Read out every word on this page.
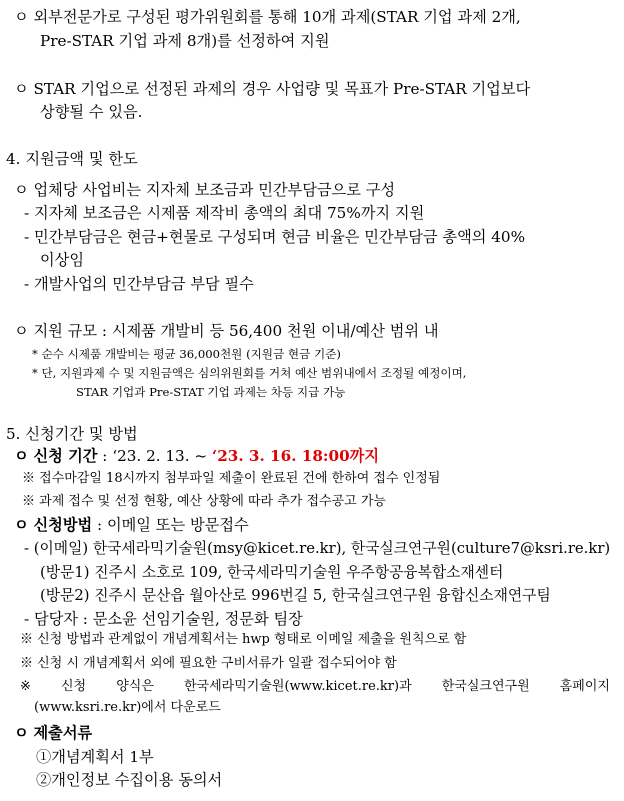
ㅇ 외부전문가로 구성된 평가위원회를 통해 10개 과제(STAR 기업 과제 2개,
Pre-STAR 기업 과제 8개)를 선정하여 지원
ㅇ STAR 기업으로 선정된 과제의 경우 사업량 및 목표가 Pre-STAR 기업보다
상향될 수 있음.
4. 지원금액 및 한도
ㅇ 업체당 사업비는 지자체 보조금과 민간부담금으로 구성
- 지자체 보조금은 시제품 제작비 총액의 최대 75%까지 지원
- 민간부담금은 현금+현물로 구성되며 현금 비율은 민간부담금 총액의 40%
이상임
- 개발사업의 민간부담금 부담 필수
ㅇ 지원 규모 : 시제품 개발비 등 56,400 천원 이내/예산 범위 내
* 순수 시제품 개발비는 평균 36,000천원 (지원금 현금 기준)
* 단, 지원과제 수 및 지원금액은 심의위원회를 거쳐 예산 범위내에서 조정될 예정이며,
STAR 기업과 Pre-STAT 기업 과제는 차등 지급 가능
5. 신청기간 및 방법
ㅇ 신청 기간 : ‘23. 2. 13. ~ ‘23. 3. 16. 18:00까지
※ 접수마감일 18시까지 첨부파일 제출이 완료된 건에 한하여 접수 인정됨
※ 과제 접수 및 선정 현황, 예산 상황에 따라 추가 접수공고 가능
ㅇ 신청방법 : 이메일 또는 방문접수
- (이메일) 한국세라믹기술원(msy@kicet.re.kr), 한국실크연구원(culture7@ksri.re.kr)
(방문1) 진주시 소호로 109, 한국세라믹기술원 우주항공융복합소재센터
(방문2) 진주시 문산읍 월아산로 996번길 5, 한국실크연구원 융합신소재연구팀
- 담당자 : 문소윤 선임기술원, 정문화 팀장
※ 신청 방법과 관계없이 개념계획서는 hwp 형태로 이메일 제출을 원칙으로 함
※ 신청 시 개념계획서 외에 필요한 구비서류가 일괄 접수되어야 함
※ 신청 양식은 한국세라믹기술원(www.kicet.re.kr)과 한국실크연구원 홈페이지
(www.ksri.re.kr)에서 다운로드
ㅇ 제출서류
①개념계획서 1부
②개인정보 수집이용 동의서
